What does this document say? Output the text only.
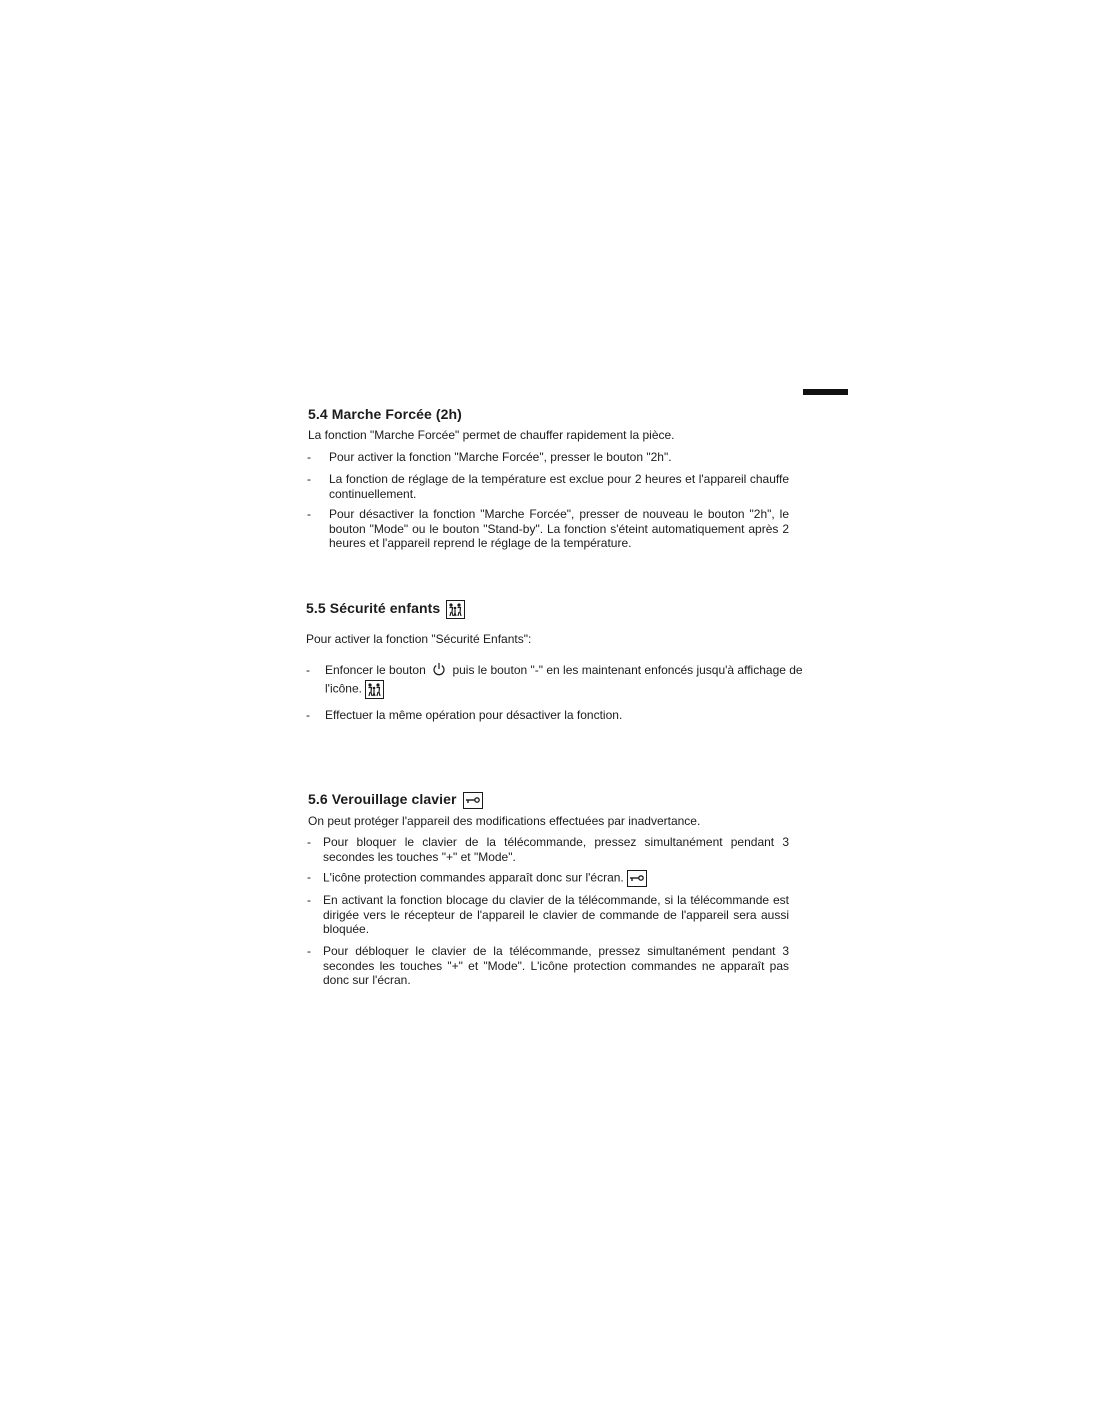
5.4 Marche Forcée (2h)

La fonction "Marche Forcée" permet de chauffer rapidement la pièce.

- Pour activer la fonction "Marche Forcée", presser le bouton "2h".
- La fonction de réglage de la température est exclue pour 2 heures et l'appareil chauffe continuellement.
- Pour désactiver la fonction "Marche Forcée", presser de nouveau le bouton "2h", le bouton "Mode" ou le bouton "Stand-by". La fonction s'éteint automatiquement après 2 heures et l'appareil reprend le réglage de la température.
5.5 Sécurité enfants

Pour activer la fonction "Sécurité Enfants":

- Enfoncer le bouton puis le bouton "-" en les maintenant enfoncés jusqu'à affichage de
l'icône.
- Effectuer la même opération pour désactiver la fonction.
5.6 Verouillage clavier

On peut protéger l'appareil des modifications effectuées par inadvertance.

- Pour bloquer le clavier de la télécommande, pressez simultanément pendant 3 secondes les touches "+" et "Mode".
- L'icône protection commandes apparaît donc sur l'écran.
- En activant la fonction blocage du clavier de la télécommande, si la télécommande est dirigée vers le récepteur de l'appareil le clavier de commande de l'appareil sera aussi bloquée.
- Pour débloquer le clavier de la télécommande, pressez simultanément pendant 3 secondes les touches "+" et "Mode". L'icône protection commandes ne apparaît pas donc sur l'écran.
